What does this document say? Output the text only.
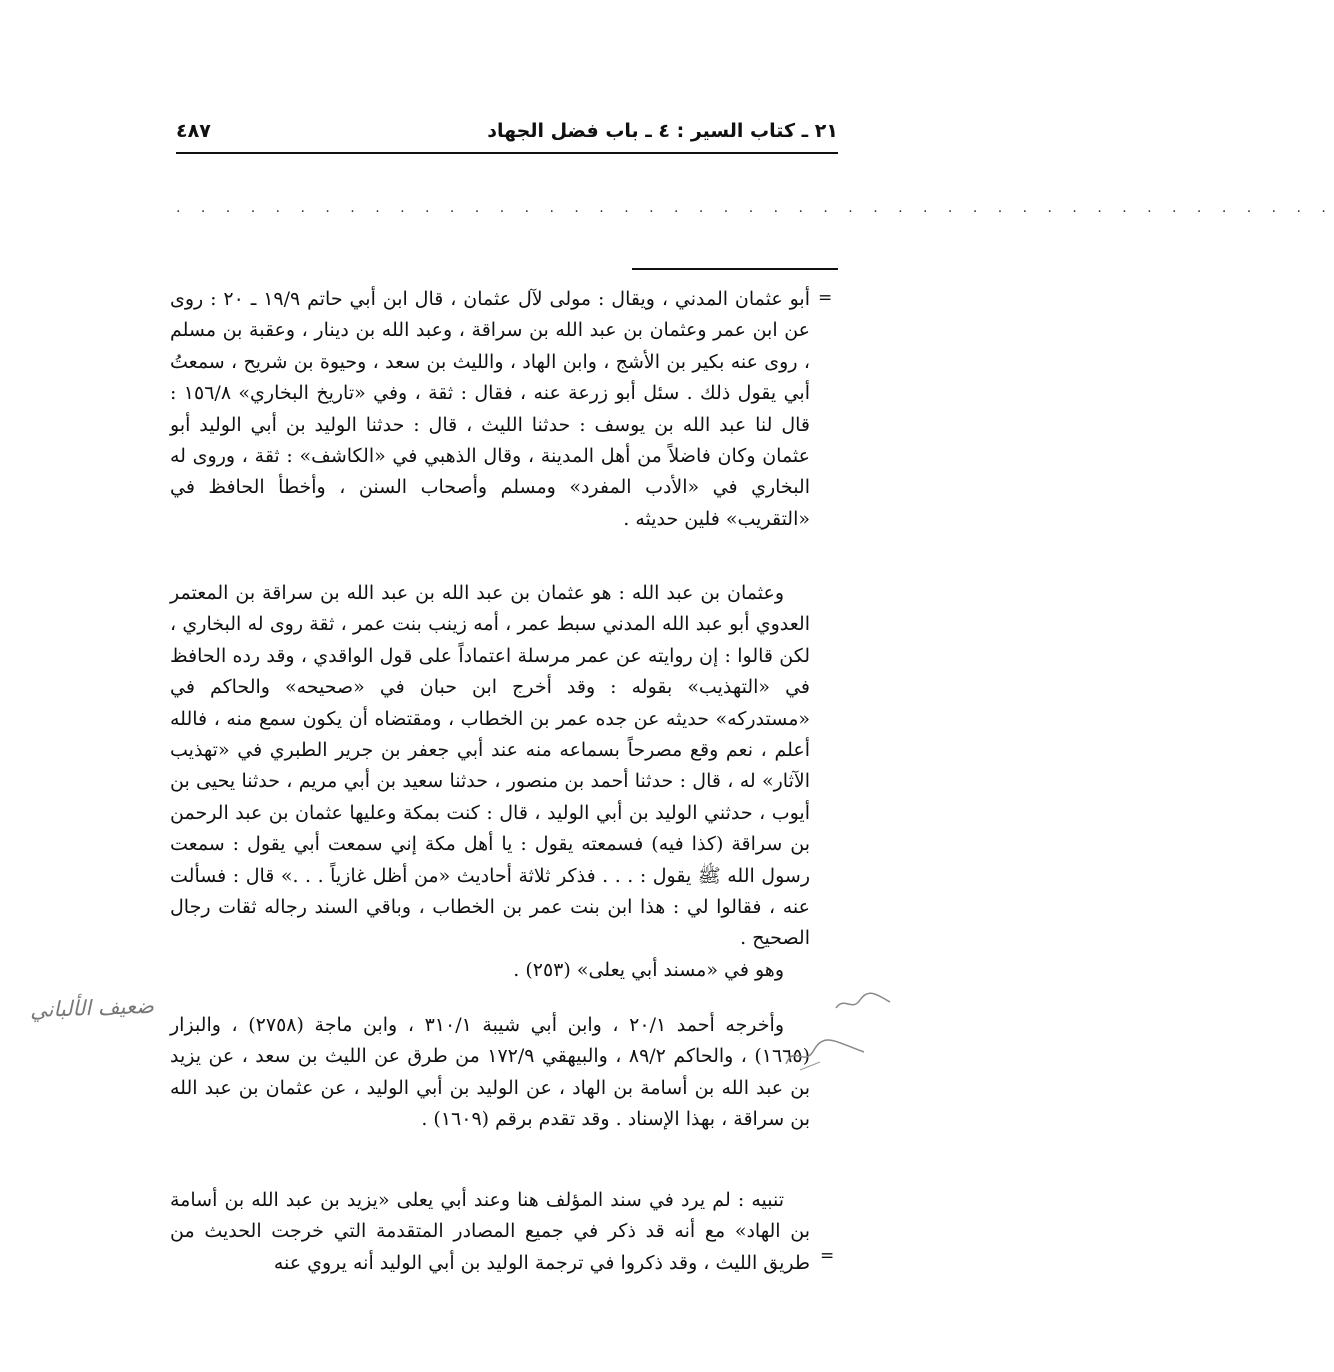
٢١ ـ كتاب السير : ٤ ـ باب فضل الجهاد
٤٨٧
. . . . . . . . . . . . . . . . . . . . . . . . . . . . . . . . . . . . . . . . . . . . . . .
=

أبو عثمان المدني ، ويقال : مولى لآل عثمان ، قال ابن أبي حاتم ١٩/٩ ـ ٢٠ : روى عن ابن عمر وعثمان بن عبد الله بن سراقة ، وعبد الله بن دينار ، وعقبة بن مسلم ، روى عنه بكير بن الأشج ، وابن الهاد ، والليث بن سعد ، وحيوة بن شريح ، سمعتُ أبي يقول ذلك . سئل أبو زرعة عنه ، فقال : ثقة ، وفي «تاريخ البخاري» ١٥٦/٨ : قال لنا عبد الله بن يوسف : حدثنا الليث ، قال : حدثنا الوليد بن أبي الوليد أبو عثمان وكان فاضلاً من أهل المدينة ، وقال الذهبي في «الكاشف» : ثقة ، وروى له البخاري في «الأدب المفرد» ومسلم وأصحاب السنن ، وأخطأ الحافظ في «التقريب» فلين حديثه .

وعثمان بن عبد الله : هو عثمان بن عبد الله بن عبد الله بن سراقة بن المعتمر العدوي أبو عبد الله المدني سبط عمر ، أمه زينب بنت عمر ، ثقة روى له البخاري ، لكن قالوا : إن روايته عن عمر مرسلة اعتماداً على قول الواقدي ، وقد رده الحافظ في «التهذيب» بقوله : وقد أخرج ابن حبان في «صحيحه» والحاكم في «مستدركه» حديثه عن جده عمر بن الخطاب ، ومقتضاه أن يكون سمع منه ، فالله أعلم ، نعم وقع مصرحاً بسماعه منه عند أبي جعفر بن جرير الطبري في «تهذيب الآثار» له ، قال : حدثنا أحمد بن منصور ، حدثنا سعيد بن أبي مريم ، حدثنا يحيى بن أيوب ، حدثني الوليد بن أبي الوليد ، قال : كنت بمكة وعليها عثمان بن عبد الرحمن بن سراقة (كذا فيه) فسمعته يقول : يا أهل مكة إني سمعت أبي يقول : سمعت رسول الله ﷺ يقول : . . . فذكر ثلاثة أحاديث «من أظل غازياً . . .» قال : فسألت عنه ، فقالوا لي : هذا ابن بنت عمر بن الخطاب ، وباقي السند رجاله ثقات رجال الصحيح .

وهو في «مسند أبي يعلى» (٢٥٣) .

وأخرجه أحمد ٢٠/١ ، وابن أبي شيبة ٣١٠/١ ، وابن ماجة (٢٧٥٨) ، والبزار (١٦٦٥) ، والحاكم ٨٩/٢ ، والبيهقي ١٧٢/٩ من طرق عن الليث بن سعد ، عن يزيد بن عبد الله بن أسامة بن الهاد ، عن الوليد بن أبي الوليد ، عن عثمان بن عبد الله بن سراقة ، بهذا الإسناد . وقد تقدم برقم (١٦٠٩) .

تنبيه : لم يرد في سند المؤلف هنا وعند أبي يعلى «يزيد بن عبد الله بن أسامة بن الهاد» مع أنه قد ذكر في جميع المصادر المتقدمة التي خرجت الحديث من طريق الليث ، وقد ذكروا في ترجمة الوليد بن أبي الوليد أنه يروي عنه =
ضعيف الألباني
